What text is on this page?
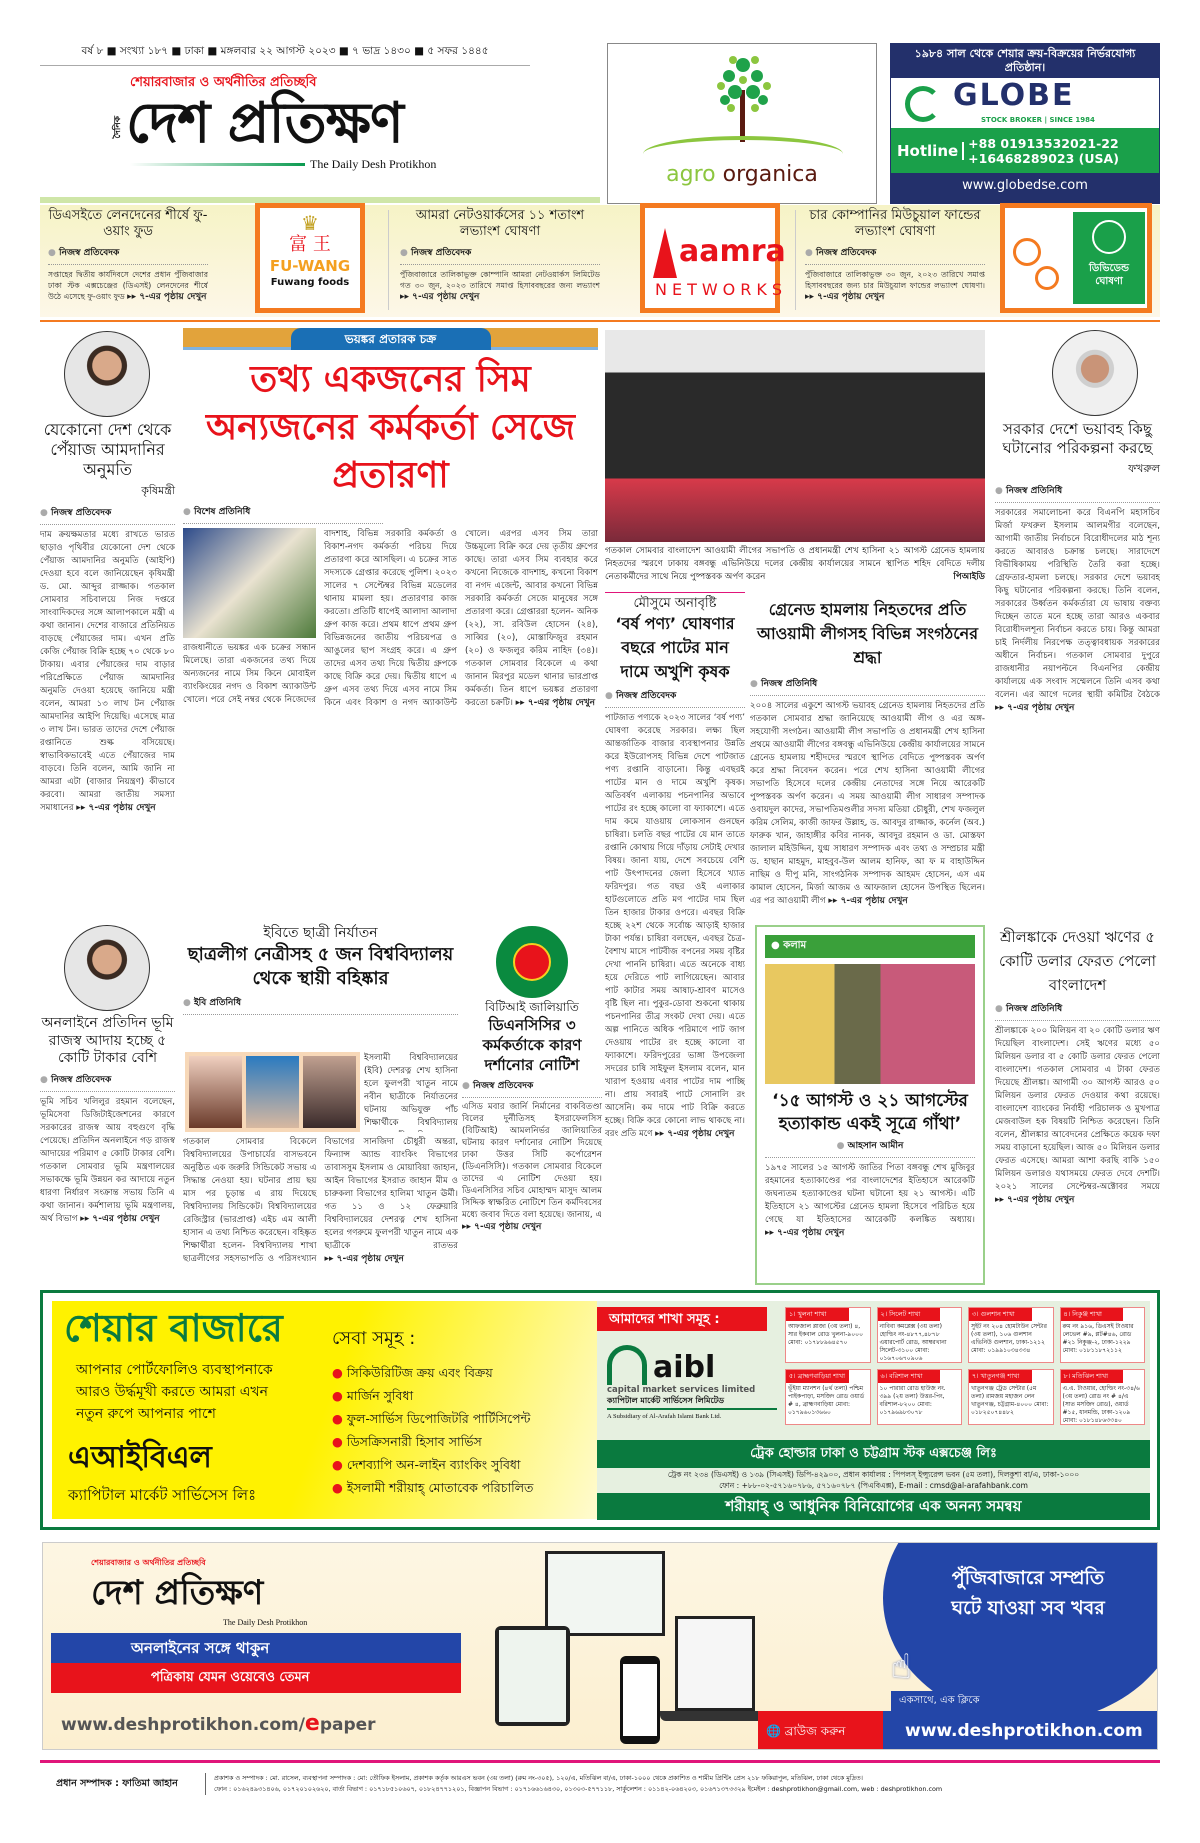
বর্ষ ৮ ■ সংখ্যা ১৮৭ ■ ঢাকা ■ মঙ্গলবার ২২ আগস্ট ২০২৩ ■ ৭ ভাদ্র ১৪৩০ ■ ৫ সফর ১৪৪৫
শেয়ারবাজার ও অর্থনীতির প্রতিচ্ছবি
দৈনিক দেশ প্রতিক্ষণ
The Daily Desh Protikhon	agro organica
১৯৮৪ সাল থেকে শেয়ার ক্রয়-বিক্রয়ের নির্ভরযোগ্য প্রতিষ্ঠান।
GLOBE
STOCK BROKER | SINCE 1984
Hotline +88 01913532021-22
+16468289023 (USA)
www.globedse.com
ডিএসইতে লেনদেনের শীর্ষে ফু-ওয়াং ফুড
● নিজস্ব প্রতিবেদক
সপ্তাহের দ্বিতীয় কার্যদিবসে দেশের প্রধান পুঁজিবাজার ঢাকা স্টক এক্সচেঞ্জের (ডিএসই) লেনদেনের শীর্ষে উঠে এসেছে ফু-ওয়াং ফুড ▸▸ ৭-এর পৃষ্ঠায় দেখুন
♛
富 王
FU-WANG
Fuwang foods
আমরা নেটওয়ার্কসের ১১ শতাংশ লভ্যাংশ ঘোষণা
● নিজস্ব প্রতিবেদক
পুঁজিবাজারে তালিকাভুক্ত কোম্পানি আমরা নেটওয়ার্কস লিমিটেড গত ৩০ জুন, ২০২৩ তারিখে সমাপ্ত হিসাববছরের জন্য লভ্যাংশ ▸▸ ৭-এর পৃষ্ঠায় দেখুন
aamra
NETWORKS
চার কোম্পানির মিউচুয়াল ফান্ডের লভ্যাংশ ঘোষণা
● নিজস্ব প্রতিবেদক
পুঁজিবাজারে তালিকাভুক্ত ৩০ জুন, ২০২৩ তারিখে সমাপ্ত হিসাববছরের জন্য চার মিউচুয়াল ফান্ডের লভ্যাংশ ঘোষণা। ▸▸ ৭-এর পৃষ্ঠায় দেখুন
ডিভিডেন্ড ঘোষণা
যেকোনো দেশ থেকে পেঁয়াজ আমদানির অনুমতি
কৃষিমন্ত্রী
● নিজস্ব প্রতিবেদক
দাম ক্রয়ক্ষমতার মধ্যে রাখতে ভারত ছাড়াও পৃথিবীর যেকোনো দেশ থেকে পেঁয়াজ আমদানির অনুমতি (আইপি) দেওয়া হবে বলে জানিয়েছেন কৃষিমন্ত্রী ড. মো. আব্দুর রাজ্জাক। গতকাল সোমবার সচিবালয়ে নিজ দপ্তরে সাংবাদিকদের সঙ্গে আলাপকালে মন্ত্রী এ কথা জানান। দেশের বাজারে প্রতিনিয়ত বাড়ছে পেঁয়াজের দাম। এখন প্রতি কেজি পেঁয়াজ বিক্রি হচ্ছে ৭০ থেকে ৮০ টাকায়। এবার পেঁয়াজের দাম বাড়ার পরিপ্রেক্ষিতে পেঁয়াজ আমদানির অনুমতি দেওয়া হয়েছে জানিয়ে মন্ত্রী বলেন, আমরা ১৩ লাখ টন পেঁয়াজ আমদানির আইপি দিয়েছি। এসেছে মাত্র ৩ লাখ টন। ভারত তাদের দেশে পেঁয়াজ রপ্তানিতে শুল্ক বসিয়েছে। স্বাভাবিকভাবেই এতে পেঁয়াজের দাম বাড়বে। তিনি বলেন, আমি জানি না আমরা এটা (বাজার নিয়ন্ত্রণ) কীভাবে করবো। আমরা জাতীয় সমস্যা সমাধানের ▸▸ ৭-এর পৃষ্ঠায় দেখুন
অনলাইনে প্রতিদিন ভূমি রাজস্ব আদায় হচ্ছে ৫ কোটি টাকার বেশি
● নিজস্ব প্রতিবেদক
ভূমি সচিব খলিলুর রহমান বলেছেন, ভূমিসেবা ডিজিটাইজেশনের কারণে সরকারের রাজস্ব আয় বহুগুণে বৃদ্ধি পেয়েছে। প্রতিদিন অনলাইনে গড় রাজস্ব আদায়ের পরিমাণ ৫ কোটি টাকার বেশি। গতকাল সোমবার ভূমি মন্ত্রণালয়ের সভাকক্ষে ভূমি উন্নয়ন কর আদায়ে নতুন ধারণা নির্ধারণ সংক্রান্ত সভায় তিনি এ কথা জানান। কর্মশালায় ভূমি মন্ত্রণালয়, অর্থ বিভাগ ▸▸ ৭-এর পৃষ্ঠায় দেখুন
ভয়ঙ্কর প্রতারক চক্র
তথ্য একজনের সিম অন্যজনের কর্মকর্তা সেজে প্রতারণা
● বিশেষ প্রতিনিধি
রাজধানীতে ভয়ঙ্কর এক চক্রের সন্ধান মিলেছে। তারা একজনের তথ্য দিয়ে অন্যজনের নামে সিম কিনে মোবাইল ব্যাংকিংয়ের নগদ ও বিকাশ অ্যাকাউন্ট খোলে। পরে সেই নম্বর থেকে নিজেদের বাদশাহ, বিভিন্ন সরকারি কর্মকর্তা ও বিকাশ-নগদ কর্মকর্তা পরিচয় দিয়ে প্রতারণা করে আসছিল। এ চক্রের সাত সদস্যকে গ্রেপ্তার করেছে পুলিশ। ২০২৩ সালের ৭ সেপ্টেম্বর বিভিন্ন মডেলের থানায় মামলা হয়। প্রতারণার কাজ করতো। প্রতিটি ধাপেই আলাদা আলাদা গ্রুপ কাজ করে। প্রথম ধাপে প্রথম গ্রুপ বিভিন্নজনের জাতীয় পরিচয়পত্র ও আঙুলের ছাপ সংগ্রহ করে। এ গ্রুপ তাদের এসব তথ্য দিয়ে দ্বিতীয় গ্রুপকে কাছে বিক্রি করে দেয়। দ্বিতীয় ধাপে এ গ্রুপ এসব তথ্য দিয়ে এসব নামে সিম কিনে এবং বিকাশ ও নগদ অ্যাকাউন্ট খোলে। এরপর এসব সিম তারা উচ্চমূল্যে বিক্রি করে দেয় তৃতীয় গ্রুপের কাছে। তারা এসব সিম ব্যবহার করে কখনো নিজেকে বাদশাহ, কখনো বিকাশ বা নগদ এজেন্ট, আবার কখনো বিভিন্ন সরকারি কর্মকর্তা সেজে মানুষের সঙ্গে প্রতারণা করে। গ্রেপ্তাররা হলেন- অনিক (২২), সা. রবিউল হোসেন (২৪), সাব্বির (২০), মোস্তাফিজুর রহমান (২০) ও ফজলুর করিম নাহিদ (৩৪)। গতকাল সোমবার বিকেলে এ কথা জানান মিরপুর মডেল থানার ভারপ্রাপ্ত কর্মকর্তা। তিন ধাপে ভয়ঙ্কর প্রতারণা করতো চক্রটি। ▸▸ ৭-এর পৃষ্ঠায় দেখুন
গতকাল সোমবার বাংলাদেশ আওয়ামী লীগের সভাপতি ও প্রধানমন্ত্রী শেখ হাসিনা ২১ আগস্ট গ্রেনেড হামলায় নিহতদের স্মরণে ঢাকায় বঙ্গবন্ধু এভিনিউয়ে দলের কেন্দ্রীয় কার্যালয়ের সামনে স্থাপিত শহিদ বেদিতে দলীয় নেতাকর্মীদের সাথে নিয়ে পুষ্পস্তবক অর্পণ করেন	পিআইডি
সরকার দেশে ভয়াবহ কিছু ঘটানোর পরিকল্পনা করছে
ফখরুল
● নিজস্ব প্রতিনিধি
সরকারের সমালোচনা করে বিএনপি মহাসচিব মির্জা ফখরুল ইসলাম আলমগীর বলেছেন, আগামী জাতীয় নির্বাচনে বিরোধীদলের মাঠ শূন্য করতে আবারও চক্রান্ত চলছে। সারাদেশে বিভীষিকাময় পরিস্থিতি তৈরি করা হচ্ছে। গ্রেফতার-হামলা চলছে। সরকার দেশে ভয়াবহ কিছু ঘটানোর পরিকল্পনা করছে। তিনি বলেন, সরকারের উর্ধ্বতন কর্মকর্তারা যে ভাষায় বক্তব্য দিচ্ছেন তাতে মনে হচ্ছে তারা আরও একবার বিরোধীদলশূন্য নির্বাচন করতে চায়। কিন্তু আমরা চাই নির্দলীয় নিরপেক্ষ তত্ত্বাবধায়ক সরকারের অধীনে নির্বাচন। গতকাল সোমবার দুপুরে রাজধানীর নয়াপল্টনে বিএনপির কেন্দ্রীয় কার্যালয়ে এক সংবাদ সম্মেলনে তিনি এসব কথা বলেন। এর আগে দলের স্থায়ী কমিটির বৈঠকে ▸▸ ৭-এর পৃষ্ঠায় দেখুন
মৌসুমে অনাবৃষ্টি
‘বর্ষ পণ্য’ ঘোষণার বছরে পাটের মান দামে অখুশি কৃষক
● নিজস্ব প্রতিবেদক
পাটজাত পণ্যকে ২০২৩ সালের ‘বর্ষ পণ্য’ ঘোষণা করেছে সরকার। লক্ষ্য ছিল আন্তর্জাতিক বাজার ব্যবস্থাপনার উন্নতি করে ইউরোপসহ বিভিন্ন দেশে পাটজাত পণ্য রপ্তানি বাড়ানো। কিন্তু এবছরই পাটের মান ও দামে অখুশি কৃষক। অতিবর্ষণ এলাকায় পচনপানির অভাবে পাটের রং হচ্ছে কালো বা ফ্যাকাশে। এতে দাম কমে যাওয়ায় লোকসান গুনছেন চাষিরা। চলতি বছর পাটের যে মান তাতে রপ্তানি কোথায় গিয়ে দাঁড়ায় সেটাই দেখার বিষয়। জানা যায়, দেশে সবচেয়ে বেশি পাট উৎপাদনের জেলা হিসেবে খ্যাত ফরিদপুর। গত বছর ওই এলাকার হাটগুলোতে প্রতি মণ পাটের দাম ছিল তিন হাজার টাকার ওপরে। এবছর বিক্রি হচ্ছে ২২শ থেকে সর্বোচ্চ আড়াই হাজার টাকা পর্যন্ত। চাষিরা বলছেন, এবছর চৈত্র-বৈশাখ মাসে পাটবীজ বপনের সময় বৃষ্টির দেখা পাননি চাষিরা। এতে অনেকে বাধ্য হয়ে দেরিতে পাট লাগিয়েছেন। আবার পাট কাটার সময় আষাঢ়-শ্রাবণ মাসেও বৃষ্টি ছিল না। পুকুর-ডোবা শুকনো থাকায় পচনপানির তীব্র সংকট দেখা দেয়। এতে অল্প পানিতে অধিক পরিমাণে পাট জাগ দেওয়ায় পাটের রং হচ্ছে কালো বা ফ্যাকাশে। ফরিদপুরের ভাঙ্গা উপজেলা সদরের চাষি সাইফুল ইসলাম বলেন, মান খারাপ হওয়ায় এবার পাটের দাম পাচ্ছি না। প্রায় সবারই পাটে সোনালি রং আসেনি। কম দামে পাট বিক্রি করতে হচ্ছে। বিক্রি করে কোনো লাভ থাকছে না। বরং প্রতি মণে ▸▸ ৭-এর পৃষ্ঠায় দেখুন
গ্রেনেড হামলায় নিহতদের প্রতি আওয়ামী লীগসহ বিভিন্ন সংগঠনের শ্রদ্ধা
● নিজস্ব প্রতিনিধি
২০০৪ সালের একুশে আগস্ট ভয়াবহ গ্রেনেড হামলায় নিহতদের প্রতি গতকাল সোমবার শ্রদ্ধা জানিয়েছে আওয়ামী লীগ ও এর অঙ্গ-সহযোগী সংগঠন। আওয়ামী লীগ সভাপতি ও প্রধানমন্ত্রী শেখ হাসিনা প্রথমে আওয়ামী লীগের বঙ্গবন্ধু এভিনিউয়ে কেন্দ্রীয় কার্যালয়ের সামনে গ্রেনেড হামলায় শহীদদের স্মরণে স্থাপিত বেদিতে পুষ্পস্তবক অর্পণ করে শ্রদ্ধা নিবেদন করেন। পরে শেখ হাসিনা আওয়ামী লীগের সভাপতি হিসেবে দলের কেন্দ্রীয় নেতাদের সঙ্গে নিয়ে আরেকটি পুষ্পস্তবক অর্পণ করেন। এ সময় আওয়ামী লীগ সাধারণ সম্পাদক ওবায়দুল কাদের, সভাপতিমণ্ডলীর সদস্য মতিয়া চৌধুরী, শেখ ফজলুল করিম সেলিম, কাজী জাফর উল্লাহ, ড. আবদুর রাজ্জাক, কর্নেল (অব.) ফারুক খান, জাহাঙ্গীর কবির নানক, আবদুর রহমান ও ডা. মোস্তফা জালাল মহিউদ্দিন, যুগ্ম সাধারণ সম্পাদক এবং তথ্য ও সম্প্রচার মন্ত্রী ড. হাছান মাহমুদ, মাহবুব-উল আলম হানিফ, আ ফ ম বাহাউদ্দিন নাছিম ও দীপু মনি, সাংগঠনিক সম্পাদক আহমদ হোসেন, এস এম কামাল হোসেন, মির্জা আজম ও আফজাল হোসেন উপস্থিত ছিলেন। এর পর আওয়ামী লীগ ▸▸ ৭-এর পৃষ্ঠায় দেখুন
ইবিতে ছাত্রী নির্যাতন
ছাত্রলীগ নেত্রীসহ ৫ জন বিশ্ববিদ্যালয় থেকে স্থায়ী বহিষ্কার
● ইবি প্রতিনিধি
ইসলামী বিশ্ববিদ্যালয়ের (ইবি) দেশরত্ন শেখ হাসিনা হলে ফুলপরী খাতুন নামে নবীন ছাত্রীকে নির্যাতনের ঘটনায় অভিযুক্ত পাঁচ শিক্ষার্থীকে বিশ্ববিদ্যালয়
গতকাল সোমবার বিকেলে বিশ্ববিদ্যালয়ের উপাচার্যের বাসভবনে অনুষ্ঠিত এক জরুরি সিন্ডিকেট সভায় এ সিদ্ধান্ত নেওয়া হয়। ঘটনার প্রায় ছয় মাস পর চূড়ান্ত এ রায় দিয়েছে বিশ্ববিদ্যালয় সিন্ডিকেট। বিশ্ববিদ্যালয়ের রেজিস্ট্রার (ভারপ্রাপ্ত) এইচ এম আলী হাসান এ তথ্য নিশ্চিত করেছেন। বহিষ্কৃত শিক্ষার্থীরা হলেন- বিশ্ববিদ্যালয় শাখা ছাত্রলীগের সহসভাপতি ও পরিসংখ্যান বিভাগের সানজিদা চৌধুরী অন্তরা, ফিন্যান্স অ্যান্ড ব্যাংকিং বিভাগের তাবাসসুম ইসলাম ও মোয়াবিয়া জাহান, আইন বিভাগের ইসরাত জাহান মীম ও চারুকলা বিভাগের হালিমা খাতুন ঊর্মী। গত ১১ ও ১২ ফেব্রুয়ারি বিশ্ববিদ্যালয়ের দেশরত্ন শেখ হাসিনা হলের গণরুমে ফুলপরী খাতুন নামে এক ছাত্রীকে রাতভর ▸▸ ৭-এর পৃষ্ঠায় দেখুন
বিটিআই জালিয়াতি
ডিএনসিসির ৩ কর্মকর্তাকে কারণ দর্শানোর নোটিশ
● নিজস্ব প্রতিবেদক
এসিড মবার জার্নি নির্মানের বাকবিতণ্ডা বিলের দুর্নীতিসহ ইসরাফেলসিস (বিটিআই) আমলনির্ভর জালিয়াতির ঘটনায় কারণ দর্শানোর নোটিশ দিয়েছে ঢাকা উত্তর সিটি কর্পোরেশন (ডিএনসিসি)। গতকাল সোমবার বিকেলে তাদের এ নোটিশ দেওয়া হয়। ডিএনসিসির সচিব মোহাম্মদ মাসুদ আলম সিদ্দিক স্বাক্ষরিত নোটিশে তিন কর্মদিবসের মধ্যে জবাব দিতে বলা হয়েছে। জানায়, এ ▸▸ ৭-এর পৃষ্ঠায় দেখুন
● কলাম
‘১৫ আগস্ট ও ২১ আগস্টের হত্যাকান্ড একই সূত্রে গাঁথা’
● আহসান আমীন
১৯৭৫ সালের ১৫ আগস্ট জাতির পিতা বঙ্গবন্ধু শেখ মুজিবুর রহমানের হত্যাকাণ্ডের পর বাংলাদেশের ইতিহাসে আরেকটি জঘন্যতম হত্যাকাণ্ডের ঘটনা ঘটানো হয় ২১ আগস্ট। এটি ইতিহাসে ২১ আগস্টের গ্রেনেড হামলা হিসেবে পরিচিত হয়ে গেছে যা ইতিহাসের আরেকটি কলঙ্কিত অধ্যায়। ▸▸ ৭-এর পৃষ্ঠায় দেখুন
শ্রীলঙ্কাকে দেওয়া ঋণের ৫ কোটি ডলার ফেরত পেলো বাংলাদেশ
● নিজস্ব প্রতিনিধি
শ্রীলঙ্কাকে ২০০ মিলিয়ন বা ২০ কোটি ডলার ঋণ দিয়েছিল বাংলাদেশ। সেই ঋণের মধ্যে ৫০ মিলিয়ন ডলার বা ৫ কোটি ডলার ফেরত পেলো বাংলাদেশ। গতকাল সোমবার এ টাকা ফেরত দিয়েছে শ্রীলঙ্কা। আগামী ৩০ আগস্ট আরও ৫০ মিলিয়ন ডলার ফেরত দেওয়ার কথা রয়েছে। বাংলাদেশ ব্যাংকের নির্বাহী পরিচালক ও মুখপাত্র মেজবাউল হক বিষয়টি নিশ্চিত করেছেন। তিনি বলেন, শ্রীলঙ্কার আবেদনের প্রেক্ষিতে কয়েক দফা সময় বাড়ানো হয়েছিল। আজ ৫০ মিলিয়ন ডলার ফেরত এসেছে। আমরা আশা করছি বাকি ১৫০ মিলিয়ন ডলারও যথাসময়ে ফেরত দেবে দেশটি। ২০২১ সালের সেপ্টেম্বর-অক্টোবর সময়ে ▸▸ ৭-এর পৃষ্ঠায় দেখুন
শেয়ার বাজারে
আপনার পোর্টফোলিও ব্যবস্থাপনাকে
আরও উর্দ্ধমূখী করতে আমরা এখন
নতুন রুপে আপনার পাশে
এআইবিএল
ক্যাপিটাল মার্কেট সার্ভিসেস লিঃ
সেবা সমূহ :
● সিকিউরিটিজ ক্রয় এবং বিক্রয়
● মার্জিন সুবিধা
● ফুল-সার্ভিস ডিপোজিটরি পার্টিসিপেন্ট
● ডিসক্রিসনারী হিসাব সার্ভিস
● দেশব্যাপি অন-লাইন ব্যাংকিং সুবিধা
● ইসলামী শরীয়াহ্ মোতাবেক পরিচালিত
আমাদের শাখা সমূহ :
aibl
capital market services limited
ক্যাপিটাল মার্কেট সার্ভিসেস লিমিটেড
A Subsidiary of Al-Arafah Islami Bank Ltd.
১। খুলনা শাখা
আফজাল প্লাজা (৩য় তলা) ৪, সার ইকবাল রোড খুলনা-৯০০০ মোবা: ০১৭৮৮৯৬৪৫৭০
২। সিলেট শাখা
নাবিবা কমপ্লেক্স (৩য় তলা) হোল্ডিং নং-৪৮৭৭,৪৮৭৮ এয়ারপোর্ট রোড, আম্বরখানা সিলেট-৩১০০ মোবা: ০১৬৭০৬৭০৯০৬
৩। গুলশান শাখা
সুইট নং ২০৪ হোমটাউন সেন্টার (৩য় তলা), ১০৬ গুলশান এভিনিউ গুলশান, ঢাকা-১২১২ মোবা: ০১৯৯১০৩৪৩৩৪
৪। নিকুঞ্জ শাখা
রুম নং ৯১৬, ডিএসই টাওয়ার লেভেল #৯, প্লট#৪৬, রোড #২১ নিকুঞ্জ-২, ঢাকা-১২২৯ মোবা: ০১৮১১৮৭২১১২
৫। ব্রাহ্মণবাড়িয়া শাখা
ভূঁইয়া ম্যানশন (৪র্থ তলা) পশ্চিম পাইকপাড়া, মসজিদ রোড ওয়ার্ড # ৪, ব্রাহ্মণবাড়িয়া মোবা: ০১৭৯৬০১৩৬৬০
৬। বরিশাল শাখা
১০ পারারা রোড হাউজ নং. ৩৯৯ (২য় তলা) উত্তর-পিং, বরিশাল-৮২০০ মোবা: ০১৭৯৬৯৮৩০৭৮
৭। খাতুনগঞ্জ শাখা
খাতুনগঞ্জ ট্রেড সেন্টার (৫ম তলা) রামজয় মহাজন লেন খাতুনগঞ্জ, চট্টগ্রাম-৪০০০ মোবা: ০১৮২৫০৭৪৪৮২
৮। মতিঝিল শাখা
এ.এ. টাওয়ার, হোল্ডিং নং-৩৪/৬ (৩য় তলা) রোড নং # ৪/এ (সাত মসজিদ রোড), ওয়ার্ড #১৫, ধানমন্ডি, ঢাকা-১২০৯ মোবা: ০১৮১৪৮৬৩৩৪০
ট্রেক হোল্ডার ঢাকা ও চট্টগ্রাম স্টক এক্সচেঞ্জ লিঃ
ট্রেক নং ২৩৪ (ডিএসই) ও ১৩৯ (সিএসই) ডিপি-৪২৯০০, প্রধান কার্যালয় : পিপলস্ ইন্স্যুরেন্স ভবন (৫ম তলা), দিলকুশা বা/এ, ঢাকা-১০০০
ফোন : +৮৮-০২-৫৭১৬০৭৮৬, ৫৭১৬০৭৮৭ (পিএবিএক্স), E-mail : cmsd@al-arafahbank.com
শরীয়াহ্ ও আধুনিক বিনিয়োগের এক অনন্য সমন্বয়
শেয়ারবাজার ও অর্থনীতির প্রতিচ্ছবি
দেশ প্রতিক্ষণ
The Daily Desh Protikhon
অনলাইনের সঙ্গে থাকুন
পত্রিকায় যেমন ওয়েবেও তেমন
www.deshprotikhon.com/epaper
পুঁজিবাজারে সম্প্রতি ঘটে যাওয়া সব খবর
☝
একসাথে, এক ক্লিকে
🌐 ব্রাউজ করুন	www.deshprotikhon.com
প্রধান সম্পাদক : ফাতিমা জাহান	প্রকাশক ও সম্পাদক : মো. রাসেল, ব্যবস্থাপনা সম্পাদক : মো: তৌফিক ইসলাম, প্রকাশক কর্তৃক আরএস ভবন (৩য় তলা) (রুম নং-৩০৫), ১২০/এ, মতিঝিল বা/এ, ঢাকা-১০০০ থেকে প্রকাশিত ও শামীম প্রিন্টিং প্রেস ২১৮ ফকিরাপুল, মতিঝিল, ঢাকা থেকে মুদ্রিত।
ফোন : ০১৬২৪৯৩১৪০৬, ০১৭২০১০২৬২০, বার্তা বিভাগ : ০১৭১৮৫১০৬০৭, ০১৮২৪৭৭১২০১, বিজ্ঞাপন বিভাগ : ০১৭১৬৬১৬৪৩০, ০১৩০৩-৫৭৭১১৮, সার্কুলেশন : ০১১৪২-০৬৪২০৩, ০১৬৭১৩৭৩৩২৯ ইমেইল : deshprotikhon@gmail.com, web : deshprotikhon.com
